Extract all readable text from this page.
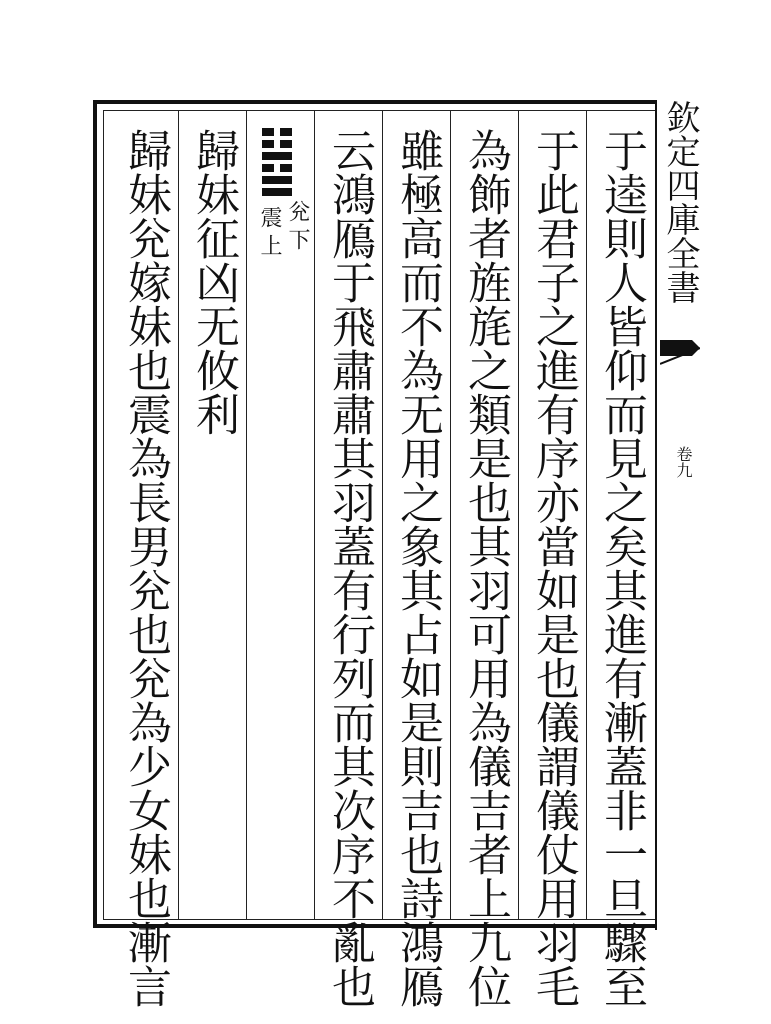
欽定四庫全書
卷九
于逵則人皆仰而見之矣其進有漸蓋非一旦驟至
于此君子之進有序亦當如是也儀謂儀仗用羽毛
為飾者旌旄之類是也其羽可用為儀吉者上九位
雖極高而不為无用之象其占如是則吉也詩鴻鴈
云鴻鴈于飛肅肅其羽蓋有行列而其次序不亂也
兊
下
震
上
歸妹征凶无攸利
歸妹兊嫁妹也震為長男兊也兊為少女妹也漸言
